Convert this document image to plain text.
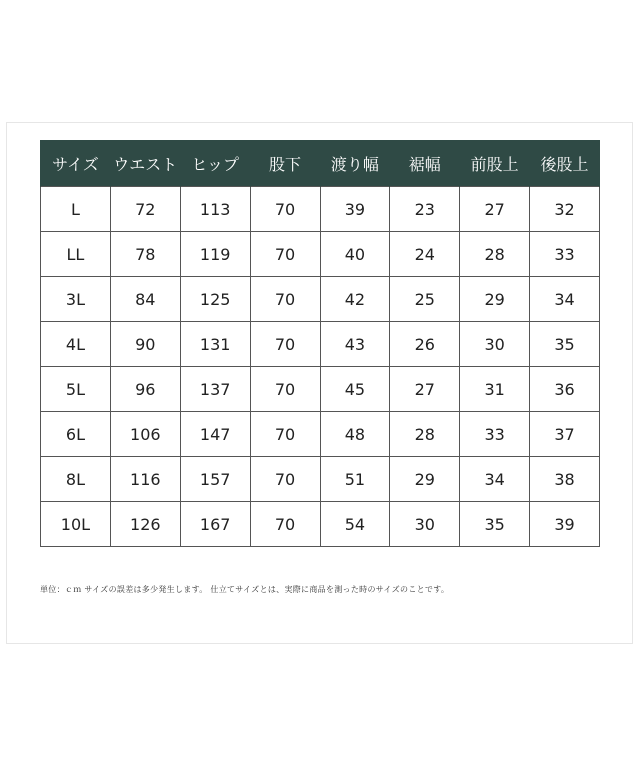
サイズ	ウエスト	ヒップ	股下	渡り幅	裾幅	前股上	後股上
L	72	113	70	39	23	27	32
LL	78	119	70	40	24	28	33
3L	84	125	70	42	25	29	34
4L	90	131	70	43	26	30	35
5L	96	137	70	45	27	31	36
6L	106	147	70	48	28	33	37
8L	116	157	70	51	29	34	38
10L	126	167	70	54	30	35	39
単位：ｃｍ サイズの誤差は多少発生します。 仕立てサイズとは、実際に商品を測った時のサイズのことです。
